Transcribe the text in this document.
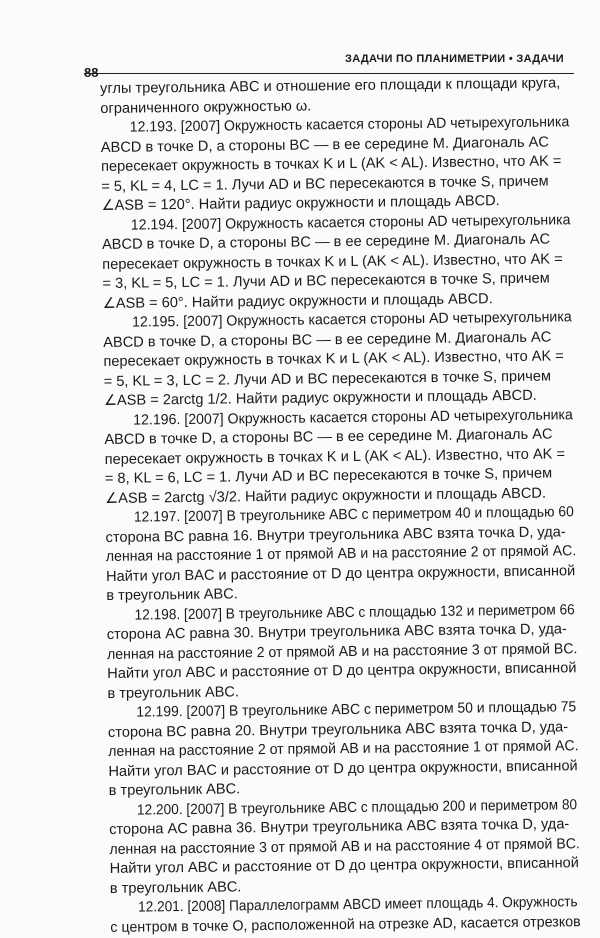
ЗАДАЧИ ПО ПЛАНИМЕТРИИ • ЗАДАЧИ
88
углы треугольника ABC и отношение его площади к площади круга,
ограниченного окружностью ω.
12.193. [2007] Окружность касается стороны AD четырехугольника
ABCD в точке D, а стороны BC — в ее середине M. Диагональ AC
пересекает окружность в точках K и L (AK < AL). Известно, что AK =
= 5, KL = 4, LC = 1. Лучи AD и BC пересекаются в точке S, причем
∠ASB = 120°. Найти радиус окружности и площадь ABCD.
12.194. [2007] Окружность касается стороны AD четырехугольника
ABCD в точке D, а стороны BC — в ее середине M. Диагональ AC
пересекает окружность в точках K и L (AK < AL). Известно, что AK =
= 3, KL = 5, LC = 1. Лучи AD и BC пересекаются в точке S, причем
∠ASB = 60°. Найти радиус окружности и площадь ABCD.
12.195. [2007] Окружность касается стороны AD четырехугольника
ABCD в точке D, а стороны BC — в ее середине M. Диагональ AC
пересекает окружность в точках K и L (AK < AL). Известно, что AK =
= 5, KL = 3, LC = 2. Лучи AD и BC пересекаются в точке S, причем
∠ASB = 2arctg 1/2. Найти радиус окружности и площадь ABCD.
12.196. [2007] Окружность касается стороны AD четырехугольника
ABCD в точке D, а стороны BC — в ее середине M. Диагональ AC
пересекает окружность в точках K и L (AK < AL). Известно, что AK =
= 8, KL = 6, LC = 1. Лучи AD и BC пересекаются в точке S, причем
∠ASB = 2arctg √3/2. Найти радиус окружности и площадь ABCD.
12.197. [2007] В треугольнике ABC с периметром 40 и площадью 60
сторона BC равна 16. Внутри треугольника ABC взята точка D, уда-
ленная на расстояние 1 от прямой AB и на расстояние 2 от прямой AC.
Найти угол BAC и расстояние от D до центра окружности, вписанной
в треугольник ABC.
12.198. [2007] В треугольнике ABC с площадью 132 и периметром 66
сторона AC равна 30. Внутри треугольника ABC взята точка D, уда-
ленная на расстояние 2 от прямой AB и на расстояние 3 от прямой BC.
Найти угол ABC и расстояние от D до центра окружности, вписанной
в треугольник ABC.
12.199. [2007] В треугольнике ABC с периметром 50 и площадью 75
сторона BC равна 20. Внутри треугольника ABC взята точка D, уда-
ленная на расстояние 2 от прямой AB и на расстояние 1 от прямой AC.
Найти угол BAC и расстояние от D до центра окружности, вписанной
в треугольник ABC.
12.200. [2007] В треугольнике ABC с площадью 200 и периметром 80
сторона AC равна 36. Внутри треугольника ABC взята точка D, уда-
ленная на расстояние 3 от прямой AB и на расстояние 4 от прямой BC.
Найти угол ABC и расстояние от D до центра окружности, вписанной
в треугольник ABC.
12.201. [2008] Параллелограмм ABCD имеет площадь 4. Окружность
с центром в точке O, расположенной на отрезке AD, касается отрезков
